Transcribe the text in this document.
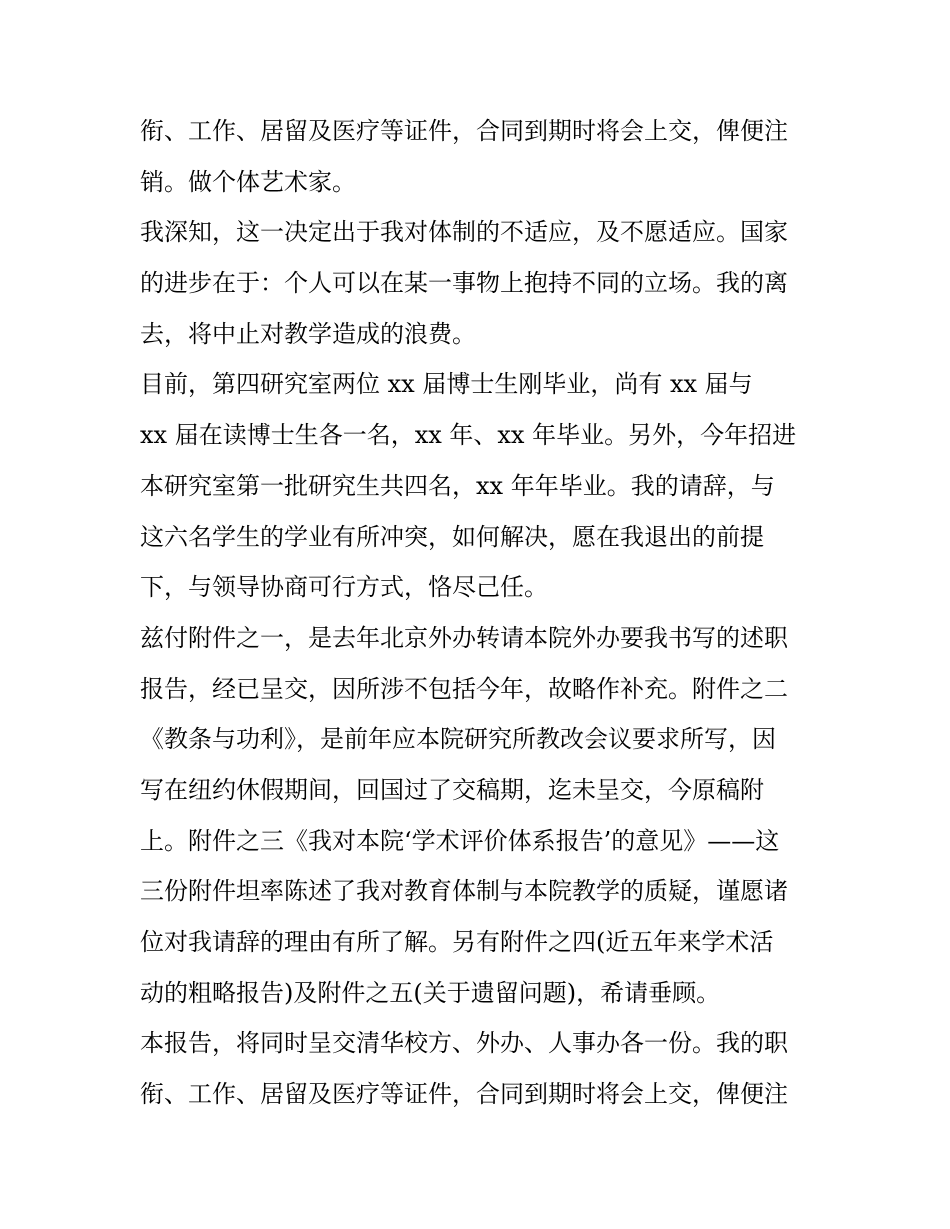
衔、工作、居留及医疗等证件，合同到期时将会上交，俾便注
销。做个体艺术家。
我深知，这一决定出于我对体制的不适应，及不愿适应。国家
的进步在于：个人可以在某一事物上抱持不同的立场。我的离
去，将中止对教学造成的浪费。
目前，第四研究室两位 xx 届博士生刚毕业，尚有 xx 届与
xx 届在读博士生各一名，xx 年、xx 年毕业。另外，今年招进
本研究室第一批研究生共四名，xx 年年毕业。我的请辞，与
这六名学生的学业有所冲突，如何解决，愿在我退出的前提
下，与领导协商可行方式，恪尽己任。
兹付附件之一，是去年北京外办转请本院外办要我书写的述职
报告，经已呈交，因所涉不包括今年，故略作补充。附件之二
《教条与功利》，是前年应本院研究所教改会议要求所写，因
写在纽约休假期间，回国过了交稿期，迄未呈交，今原稿附
上。附件之三《我对本院‘学术评价体系报告’的意见》——这
三份附件坦率陈述了我对教育体制与本院教学的质疑，谨愿诸
位对我请辞的理由有所了解。另有附件之四(近五年来学术活
动的粗略报告)及附件之五(关于遗留问题)，希请垂顾。
本报告，将同时呈交清华校方、外办、人事办各一份。我的职
衔、工作、居留及医疗等证件，合同到期时将会上交，俾便注
